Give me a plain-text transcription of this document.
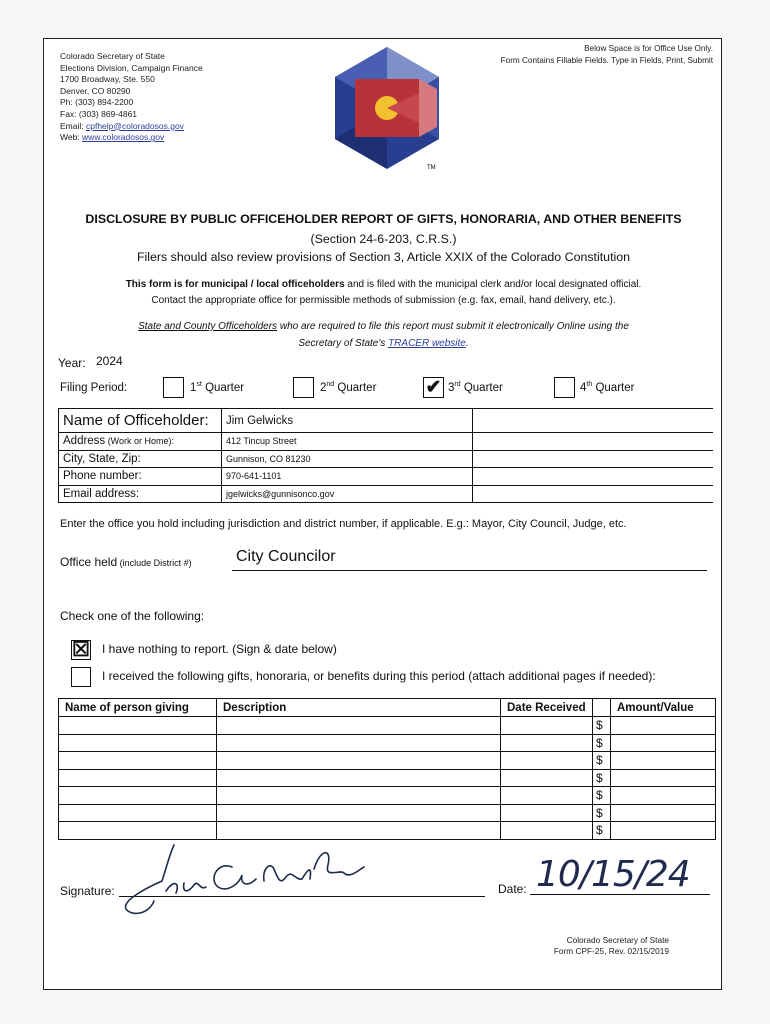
Colorado Secretary of State
Elections Division, Campaign Finance
1700 Broadway, Ste. 550
Denver, CO 80290
Ph: (303) 894-2200
Fax: (303) 869-4861
Email: cpfhelp@coloradosos.gov
Web: www.coloradosos.gov
TM
Below Space is for Office Use Only.
Form Contains Fillable Fields. Type in Fields, Print, Submit
DISCLOSURE BY PUBLIC OFFICEHOLDER REPORT OF GIFTS, HONORARIA, AND OTHER BENEFITS
(Section 24-6-203, C.R.S.)
Filers should also review provisions of Section 3, Article XXIX of the Colorado Constitution
This form is for municipal / local officeholders and is filed with the municipal clerk and/or local designated official.
Contact the appropriate office for permissible methods of submission (e.g. fax, email, hand delivery, etc.).
State and County Officeholders who are required to file this report must submit it electronically Online using the
Secretary of State's TRACER website.
Year: 2024
Filing Period:	1st Quarter	2nd Quarter	✔ 3rd Quarter	4th Quarter
Name of Officeholder:	Jim Gelwicks	
Address (Work or Home):	412 Tincup Street	
City, State, Zip:	Gunnison, CO 81230	
Phone number:	970-641-1101	
Email address:	jgelwicks@gunnisonco.gov	
Enter the office you hold including jurisdiction and district number, if applicable. E.g.: Mayor, City Council, Judge, etc.
Office held (include District #)	City Councilor
Check one of the following:
☒ I have nothing to report. (Sign & date below)
I received the following gifts, honoraria, or benefits during this period (attach additional pages if needed):
Name of person giving	Description	Date Received		Amount/Value
			$	
			$	
			$	
			$	
			$	
			$	
			$	
Signature:	Date: 10/15/24
Colorado Secretary of State
Form CPF-25, Rev. 02/15/2019
